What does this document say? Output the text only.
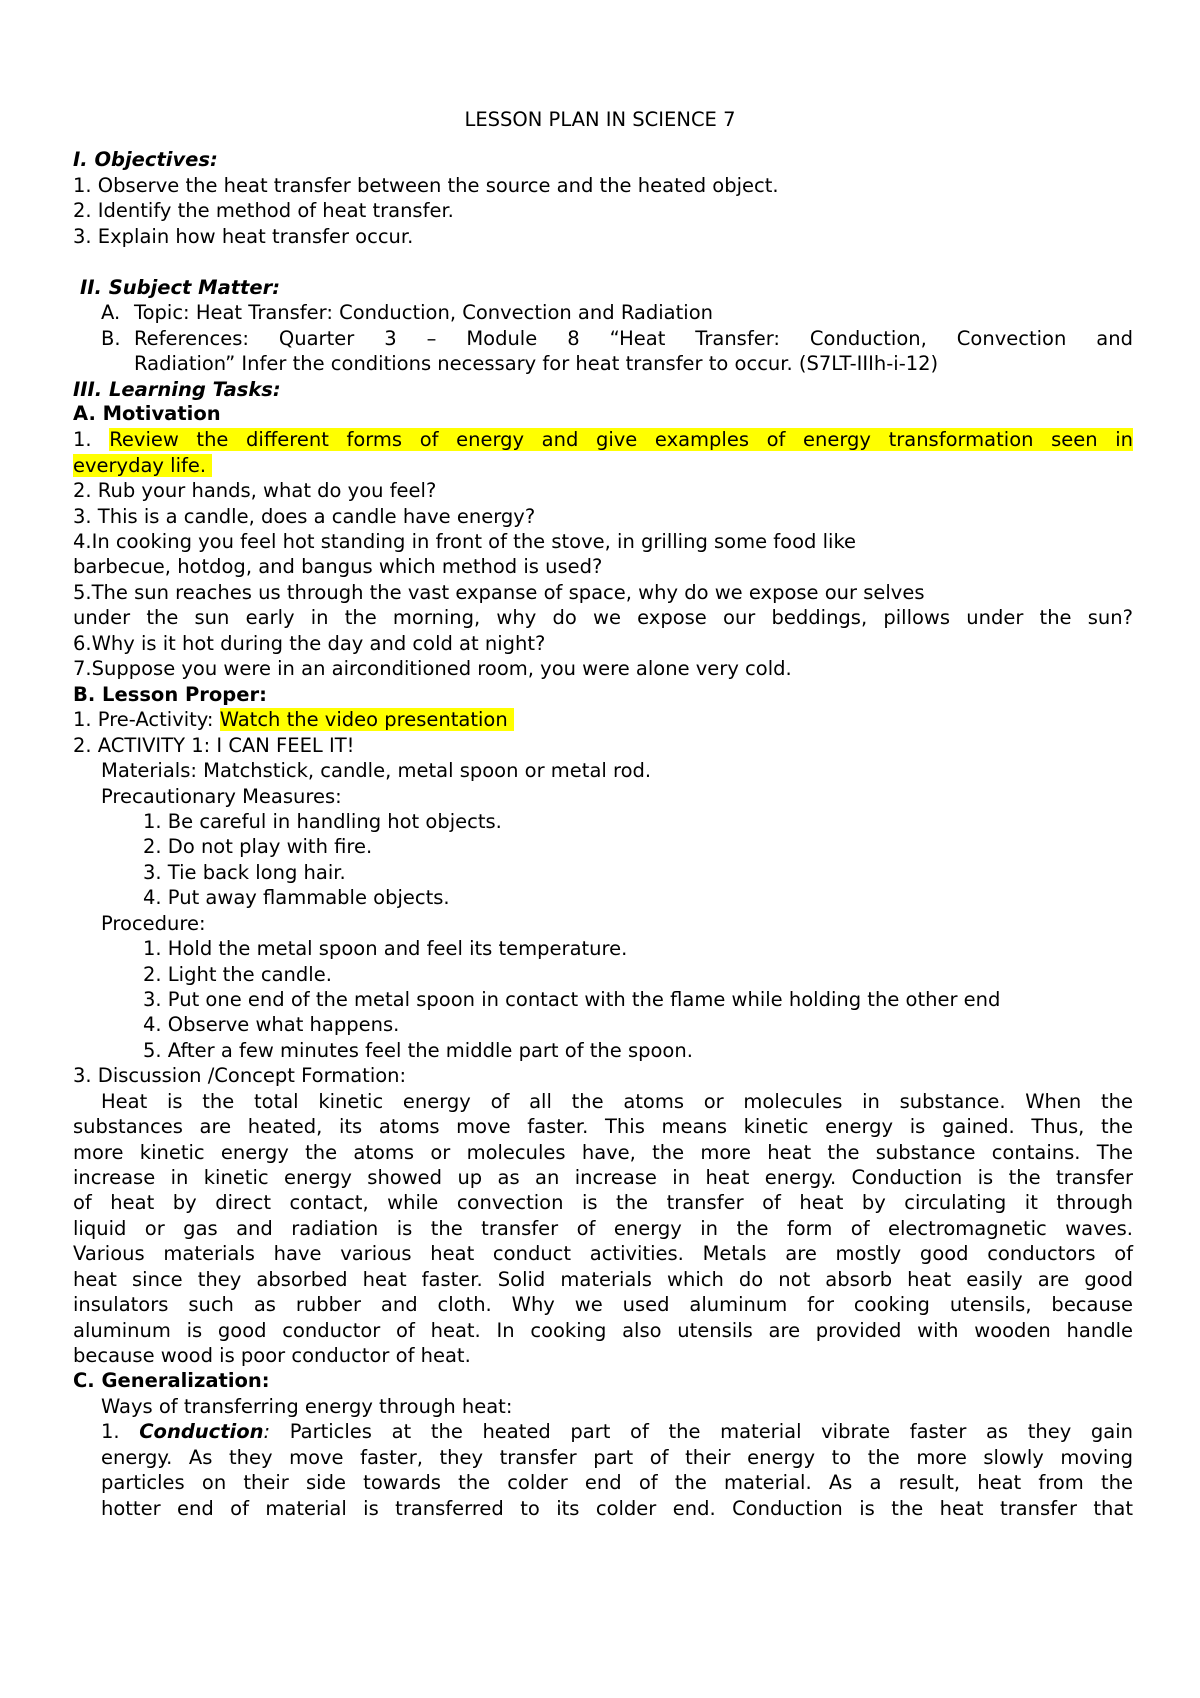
LESSON PLAN IN SCIENCE 7
I. Objectives:
1. Observe the heat transfer between the source and the heated object.
2. Identify the method of heat transfer.
3. Explain how heat transfer occur.
II. Subject Matter:
A. Topic: Heat Transfer: Conduction, Convection and Radiation
B. References: Quarter 3 – Module 8 “Heat Transfer: Conduction, Convection and
Radiation” Infer the conditions necessary for heat transfer to occur. (S7LT-IIIh-i-12)
III. Learning Tasks:
A. Motivation
1. Review the different forms of energy and give examples of energy transformation seen in
everyday life.
2. Rub your hands, what do you feel?
3. This is a candle, does a candle have energy?
4.In cooking you feel hot standing in front of the stove, in grilling some food like
barbecue, hotdog, and bangus which method is used?
5.The sun reaches us through the vast expanse of space, why do we expose our selves
under the sun early in the morning, why do we expose our beddings, pillows under the sun?
6.Why is it hot during the day and cold at night?
7.Suppose you were in an airconditioned room, you were alone very cold.
B. Lesson Proper:
1. Pre-Activity: Watch the video presentation
2. ACTIVITY 1: I CAN FEEL IT!
Materials: Matchstick, candle, metal spoon or metal rod.
Precautionary Measures:
1. Be careful in handling hot objects.
2. Do not play with fire.
3. Tie back long hair.
4. Put away flammable objects.
Procedure:
1. Hold the metal spoon and feel its temperature.
2. Light the candle.
3. Put one end of the metal spoon in contact with the flame while holding the other end
4. Observe what happens.
5. After a few minutes feel the middle part of the spoon.
3. Discussion /Concept Formation:
Heat is the total kinetic energy of all the atoms or molecules in substance. When the
substances are heated, its atoms move faster. This means kinetic energy is gained. Thus, the
more kinetic energy the atoms or molecules have, the more heat the substance contains. The
increase in kinetic energy showed up as an increase in heat energy. Conduction is the transfer
of heat by direct contact, while convection is the transfer of heat by circulating it through
liquid or gas and radiation is the transfer of energy in the form of electromagnetic waves.
Various materials have various heat conduct activities. Metals are mostly good conductors of
heat since they absorbed heat faster. Solid materials which do not absorb heat easily are good
insulators such as rubber and cloth. Why we used aluminum for cooking utensils, because
aluminum is good conductor of heat. In cooking also utensils are provided with wooden handle
because wood is poor conductor of heat.
C. Generalization:
Ways of transferring energy through heat:
1. Conduction: Particles at the heated part of the material vibrate faster as they gain
energy. As they move faster, they transfer part of their energy to the more slowly moving
particles on their side towards the colder end of the material. As a result, heat from the
hotter end of material is transferred to its colder end. Conduction is the heat transfer that
